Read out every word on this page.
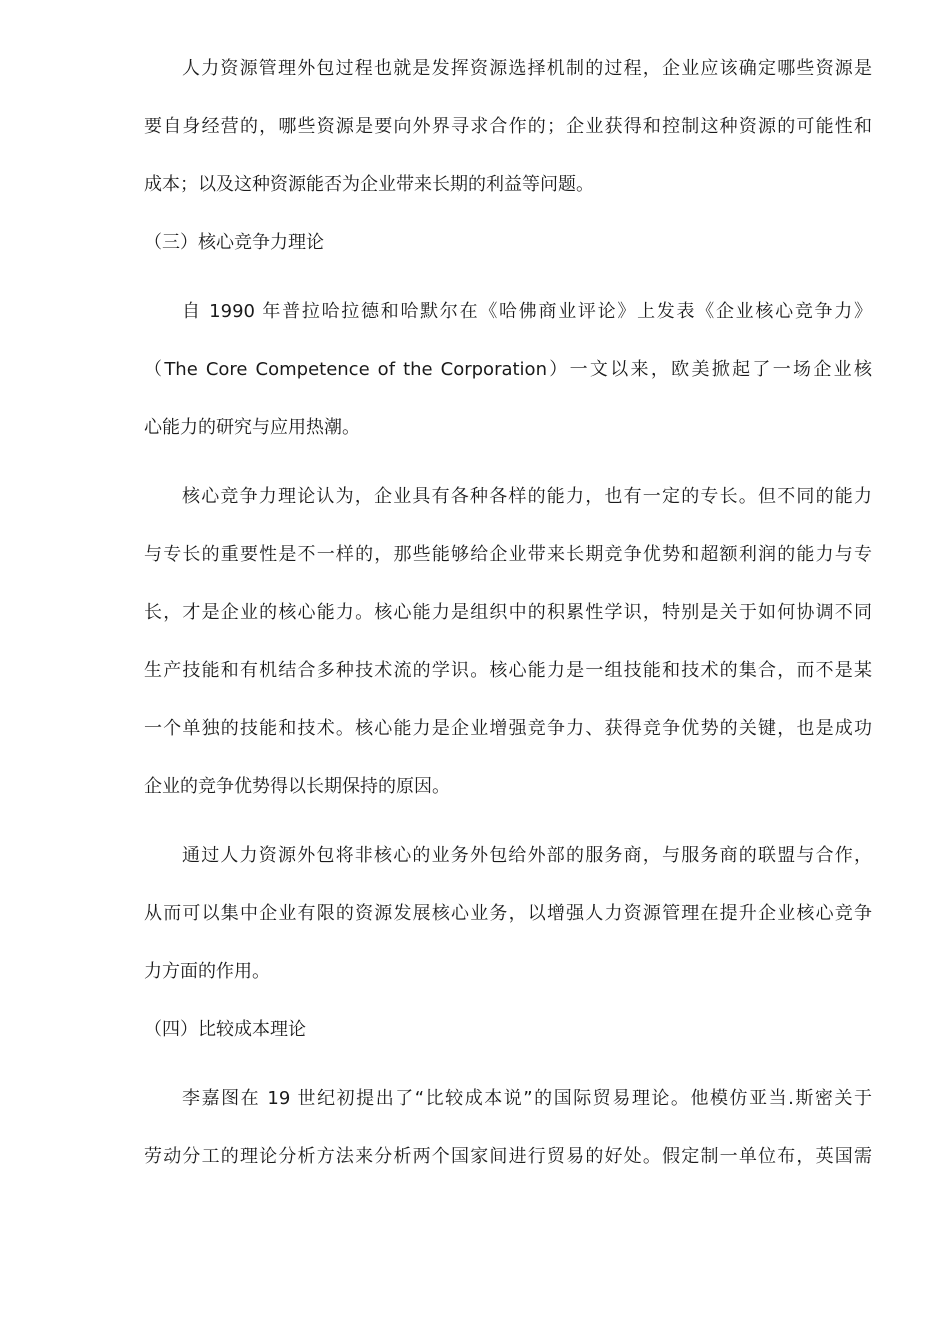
人力资源管理外包过程也就是发挥资源选择机制的过程，企业应该确定哪些资源是
要自身经营的，哪些资源是要向外界寻求合作的；企业获得和控制这种资源的可能性和
成本；以及这种资源能否为企业带来长期的利益等问题。
（三）核心竞争力理论
自 1990 年普拉哈拉德和哈默尔在《哈佛商业评论》上发表《企业核心竞争力》
（The Core Competence of the Corporation）一文以来，欧美掀起了一场企业核
心能力的研究与应用热潮。
核心竞争力理论认为，企业具有各种各样的能力，也有一定的专长。但不同的能力
与专长的重要性是不一样的，那些能够给企业带来长期竞争优势和超额利润的能力与专
长，才是企业的核心能力。核心能力是组织中的积累性学识，特别是关于如何协调不同
生产技能和有机结合多种技术流的学识。核心能力是一组技能和技术的集合，而不是某
一个单独的技能和技术。核心能力是企业增强竞争力、获得竞争优势的关键，也是成功
企业的竞争优势得以长期保持的原因。
通过人力资源外包将非核心的业务外包给外部的服务商，与服务商的联盟与合作，
从而可以集中企业有限的资源发展核心业务，以增强人力资源管理在提升企业核心竞争
力方面的作用。
（四）比较成本理论
李嘉图在 19 世纪初提出了“比较成本说”的国际贸易理论。他模仿亚当.斯密关于
劳动分工的理论分析方法来分析两个国家间进行贸易的好处。假定制一单位布，英国需
